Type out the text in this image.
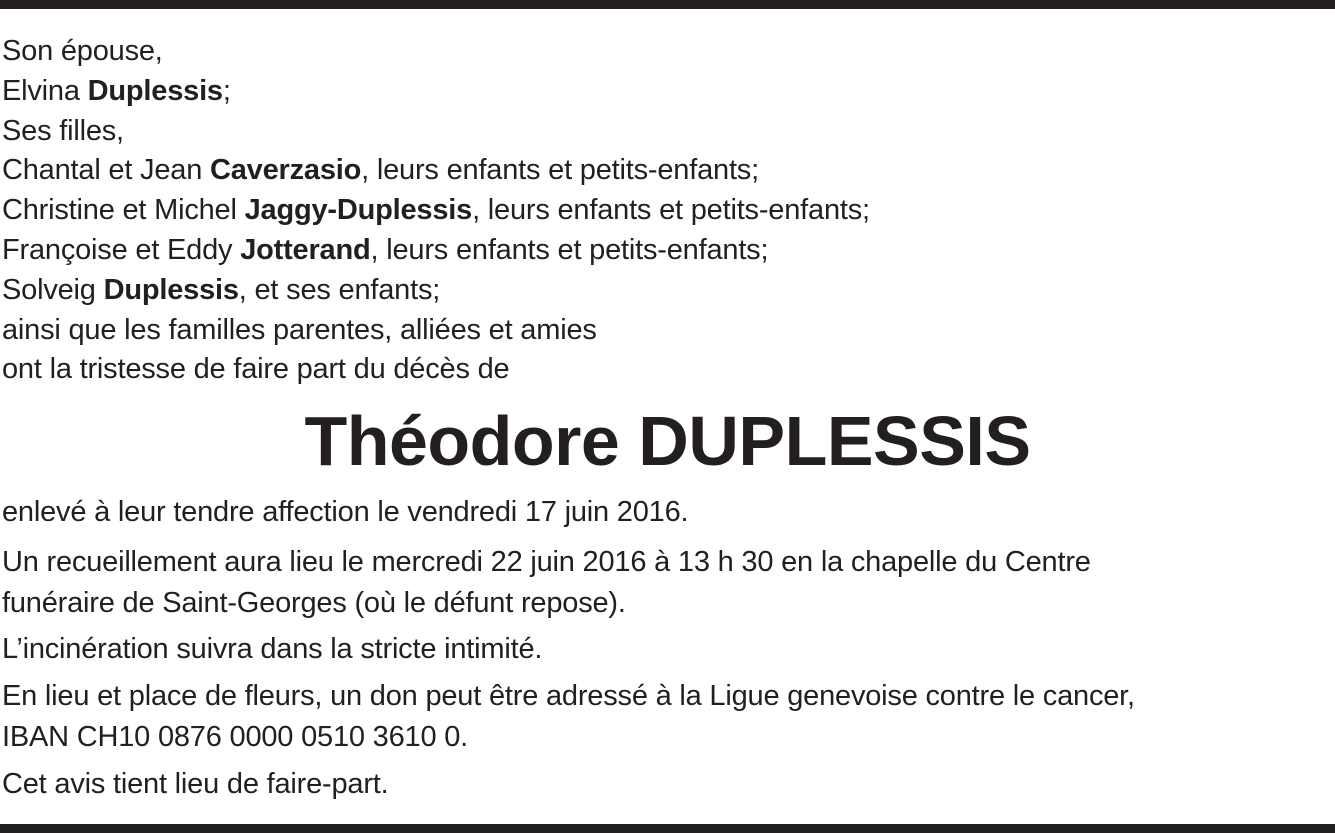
Son épouse,
Elvina Duplessis;
Ses filles,
Chantal et Jean Caverzasio, leurs enfants et petits-enfants;
Christine et Michel Jaggy-Duplessis, leurs enfants et petits-enfants;
Françoise et Eddy Jotterand, leurs enfants et petits-enfants;
Solveig Duplessis, et ses enfants;
ainsi que les familles parentes, alliées et amies
ont la tristesse de faire part du décès de
Théodore DUPLESSIS

enlevé à leur tendre affection le vendredi 17 juin 2016.

Un recueillement aura lieu le mercredi 22 juin 2016 à 13 h 30 en la chapelle du Centre

funéraire de Saint-Georges (où le défunt repose).

L’incinération suivra dans la stricte intimité.

En lieu et place de fleurs, un don peut être adressé à la Ligue genevoise contre le cancer,

IBAN CH10 0876 0000 0510 3610 0.

Cet avis tient lieu de faire-part.
